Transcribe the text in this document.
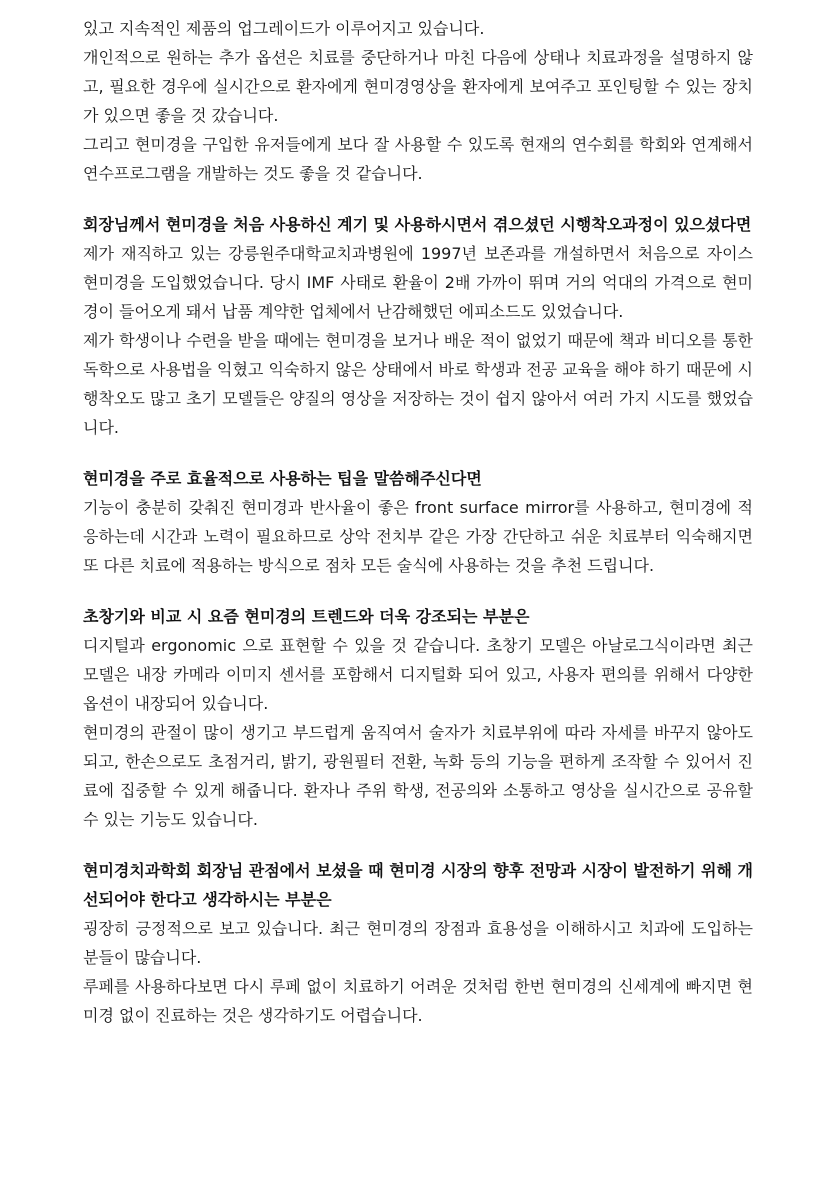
있고 지속적인 제품의 업그레이드가 이루어지고 있습니다.

개인적으로 원하는 추가 옵션은 치료를 중단하거나 마친 다음에 상태나 치료과정을 설명하지 않고, 필요한 경우에 실시간으로 환자에게 현미경영상을 환자에게 보여주고 포인팅할 수 있는 장치가 있으면 좋을 것 갔습니다.

그리고 현미경을 구입한 유저들에게 보다 잘 사용할 수 있도록 현재의 연수회를 학회와 연계해서 연수프로그램을 개발하는 것도 좋을 것 같습니다.

회장님께서 현미경을 처음 사용하신 계기 및 사용하시면서 겪으셨던 시행착오과정이 있으셨다면

제가 재직하고 있는 강릉원주대학교치과병원에 1997년 보존과를 개설하면서 처음으로 자이스 현미경을 도입했었습니다. 당시 IMF 사태로 환율이 2배 가까이 뛰며 거의 억대의 가격으로 현미경이 들어오게 돼서 납품 계약한 업체에서 난감해했던 에피소드도 있었습니다.

제가 학생이나 수련을 받을 때에는 현미경을 보거나 배운 적이 없었기 때문에 책과 비디오를 통한 독학으로 사용법을 익혔고 익숙하지 않은 상태에서 바로 학생과 전공 교육을 해야 하기 때문에 시행착오도 많고 초기 모델들은 양질의 영상을 저장하는 것이 쉽지 않아서 여러 가지 시도를 했었습니다.

현미경을 주로 효율적으로 사용하는 팁을 말씀해주신다면

기능이 충분히 갖춰진 현미경과 반사율이 좋은 front surface mirror를 사용하고, 현미경에 적응하는데 시간과 노력이 필요하므로 상악 전치부 같은 가장 간단하고 쉬운 치료부터 익숙해지면 또 다른 치료에 적용하는 방식으로 점차 모든 술식에 사용하는 것을 추천 드립니다.

초창기와 비교 시 요즘 현미경의 트렌드와 더욱 강조되는 부분은

디지털과 ergonomic 으로 표현할 수 있을 것 같습니다. 초창기 모델은 아날로그식이라면 최근 모델은 내장 카메라 이미지 센서를 포함해서 디지털화 되어 있고, 사용자 편의를 위해서 다양한 옵션이 내장되어 있습니다.

현미경의 관절이 많이 생기고 부드럽게 움직여서 술자가 치료부위에 따라 자세를 바꾸지 않아도 되고, 한손으로도 초점거리, 밝기, 광원필터 전환, 녹화 등의 기능을 편하게 조작할 수 있어서 진료에 집중할 수 있게 해줍니다. 환자나 주위 학생, 전공의와 소통하고 영상을 실시간으로 공유할 수 있는 기능도 있습니다.

현미경치과학회 회장님 관점에서 보셨을 때 현미경 시장의 향후 전망과 시장이 발전하기 위해 개선되어야 한다고 생각하시는 부분은

굉장히 긍정적으로 보고 있습니다. 최근 현미경의 장점과 효용성을 이해하시고 치과에 도입하는 분들이 많습니다.

루페를 사용하다보면 다시 루페 없이 치료하기 어려운 것처럼 한번 현미경의 신세계에 빠지면 현미경 없이 진료하는 것은 생각하기도 어렵습니다.
